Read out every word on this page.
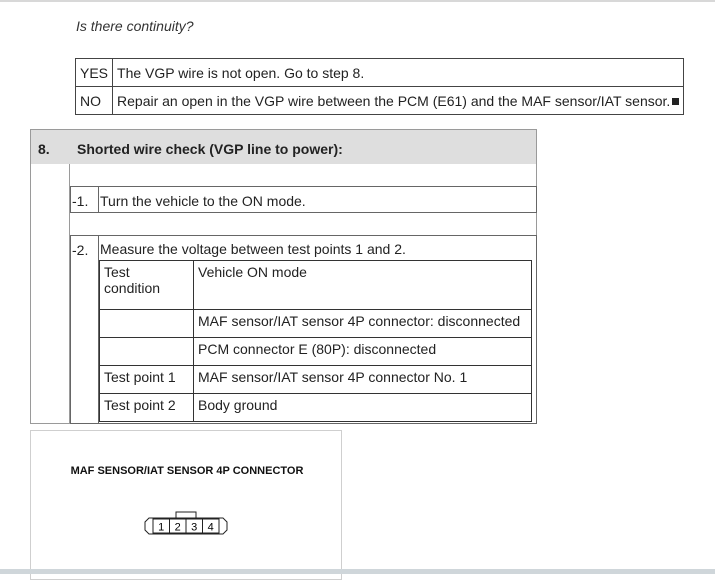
Is there continuity?
YES	The VGP wire is not open. Go to step 8.
NO	Repair an open in the VGP wire between the PCM (E61) and the MAF sensor/IAT sensor.
8. Shorted wire check (VGP line to power):
-1. Turn the vehicle to the ON mode.
-2. Measure the voltage between test points 1 and 2.
Test condition	Vehicle ON mode
	MAF sensor/IAT sensor 4P connector: disconnected
	PCM connector E (80P): disconnected
Test point 1	MAF sensor/IAT sensor 4P connector No. 1
Test point 2	Body ground
MAF SENSOR/IAT SENSOR 4P CONNECTOR
1 2 3 4
